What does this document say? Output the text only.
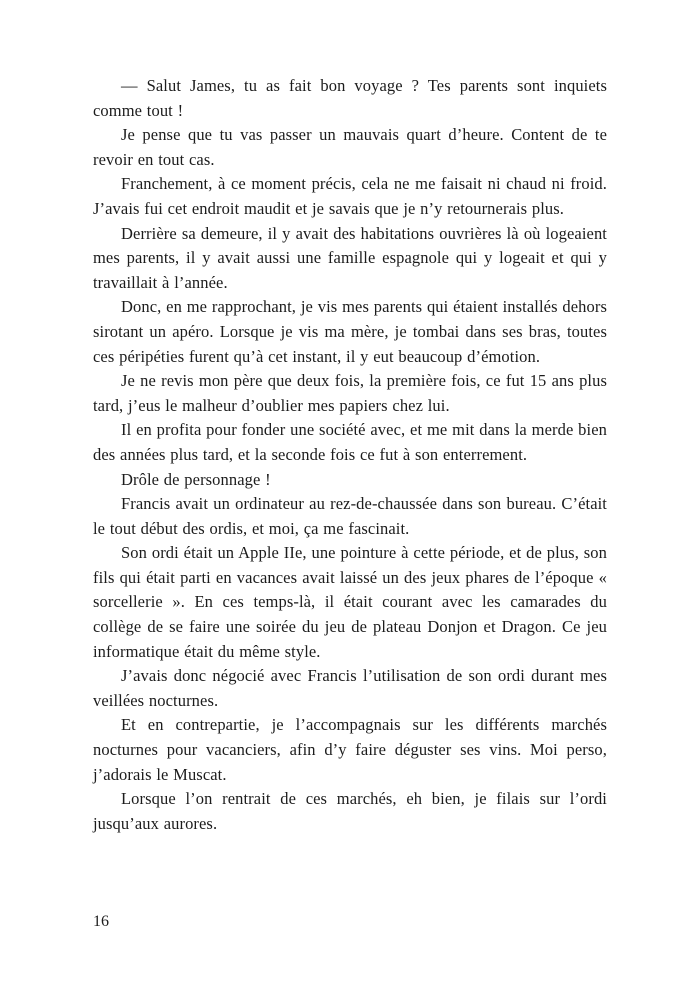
— Salut James, tu as fait bon voyage ? Tes parents sont inquiets comme tout !

Je pense que tu vas passer un mauvais quart d’heure. Content de te revoir en tout cas.

Franchement, à ce moment précis, cela ne me faisait ni chaud ni froid. J’avais fui cet endroit maudit et je savais que je n’y retournerais plus.

Derrière sa demeure, il y avait des habitations ouvrières là où logeaient mes parents, il y avait aussi une famille espagnole qui y logeait et qui y travaillait à l’année.

Donc, en me rapprochant, je vis mes parents qui étaient installés dehors sirotant un apéro. Lorsque je vis ma mère, je tombai dans ses bras, toutes ces péripéties furent qu’à cet instant, il y eut beaucoup d’émotion.

Je ne revis mon père que deux fois, la première fois, ce fut 15 ans plus tard, j’eus le malheur d’oublier mes papiers chez lui.

Il en profita pour fonder une société avec, et me mit dans la merde bien des années plus tard, et la seconde fois ce fut à son enterrement.

Drôle de personnage !

Francis avait un ordinateur au rez-de-chaussée dans son bureau. C’était le tout début des ordis, et moi, ça me fascinait.

Son ordi était un Apple IIe, une pointure à cette période, et de plus, son fils qui était parti en vacances avait laissé un des jeux phares de l’époque « sorcellerie ». En ces temps-là, il était courant avec les camarades du collège de se faire une soirée du jeu de plateau Donjon et Dragon. Ce jeu informatique était du même style.

J’avais donc négocié avec Francis l’utilisation de son ordi durant mes veillées nocturnes.

Et en contrepartie, je l’accompagnais sur les différents marchés nocturnes pour vacanciers, afin d’y faire déguster ses vins. Moi perso, j’adorais le Muscat.

Lorsque l’on rentrait de ces marchés, eh bien, je filais sur l’ordi jusqu’aux aurores.

16
